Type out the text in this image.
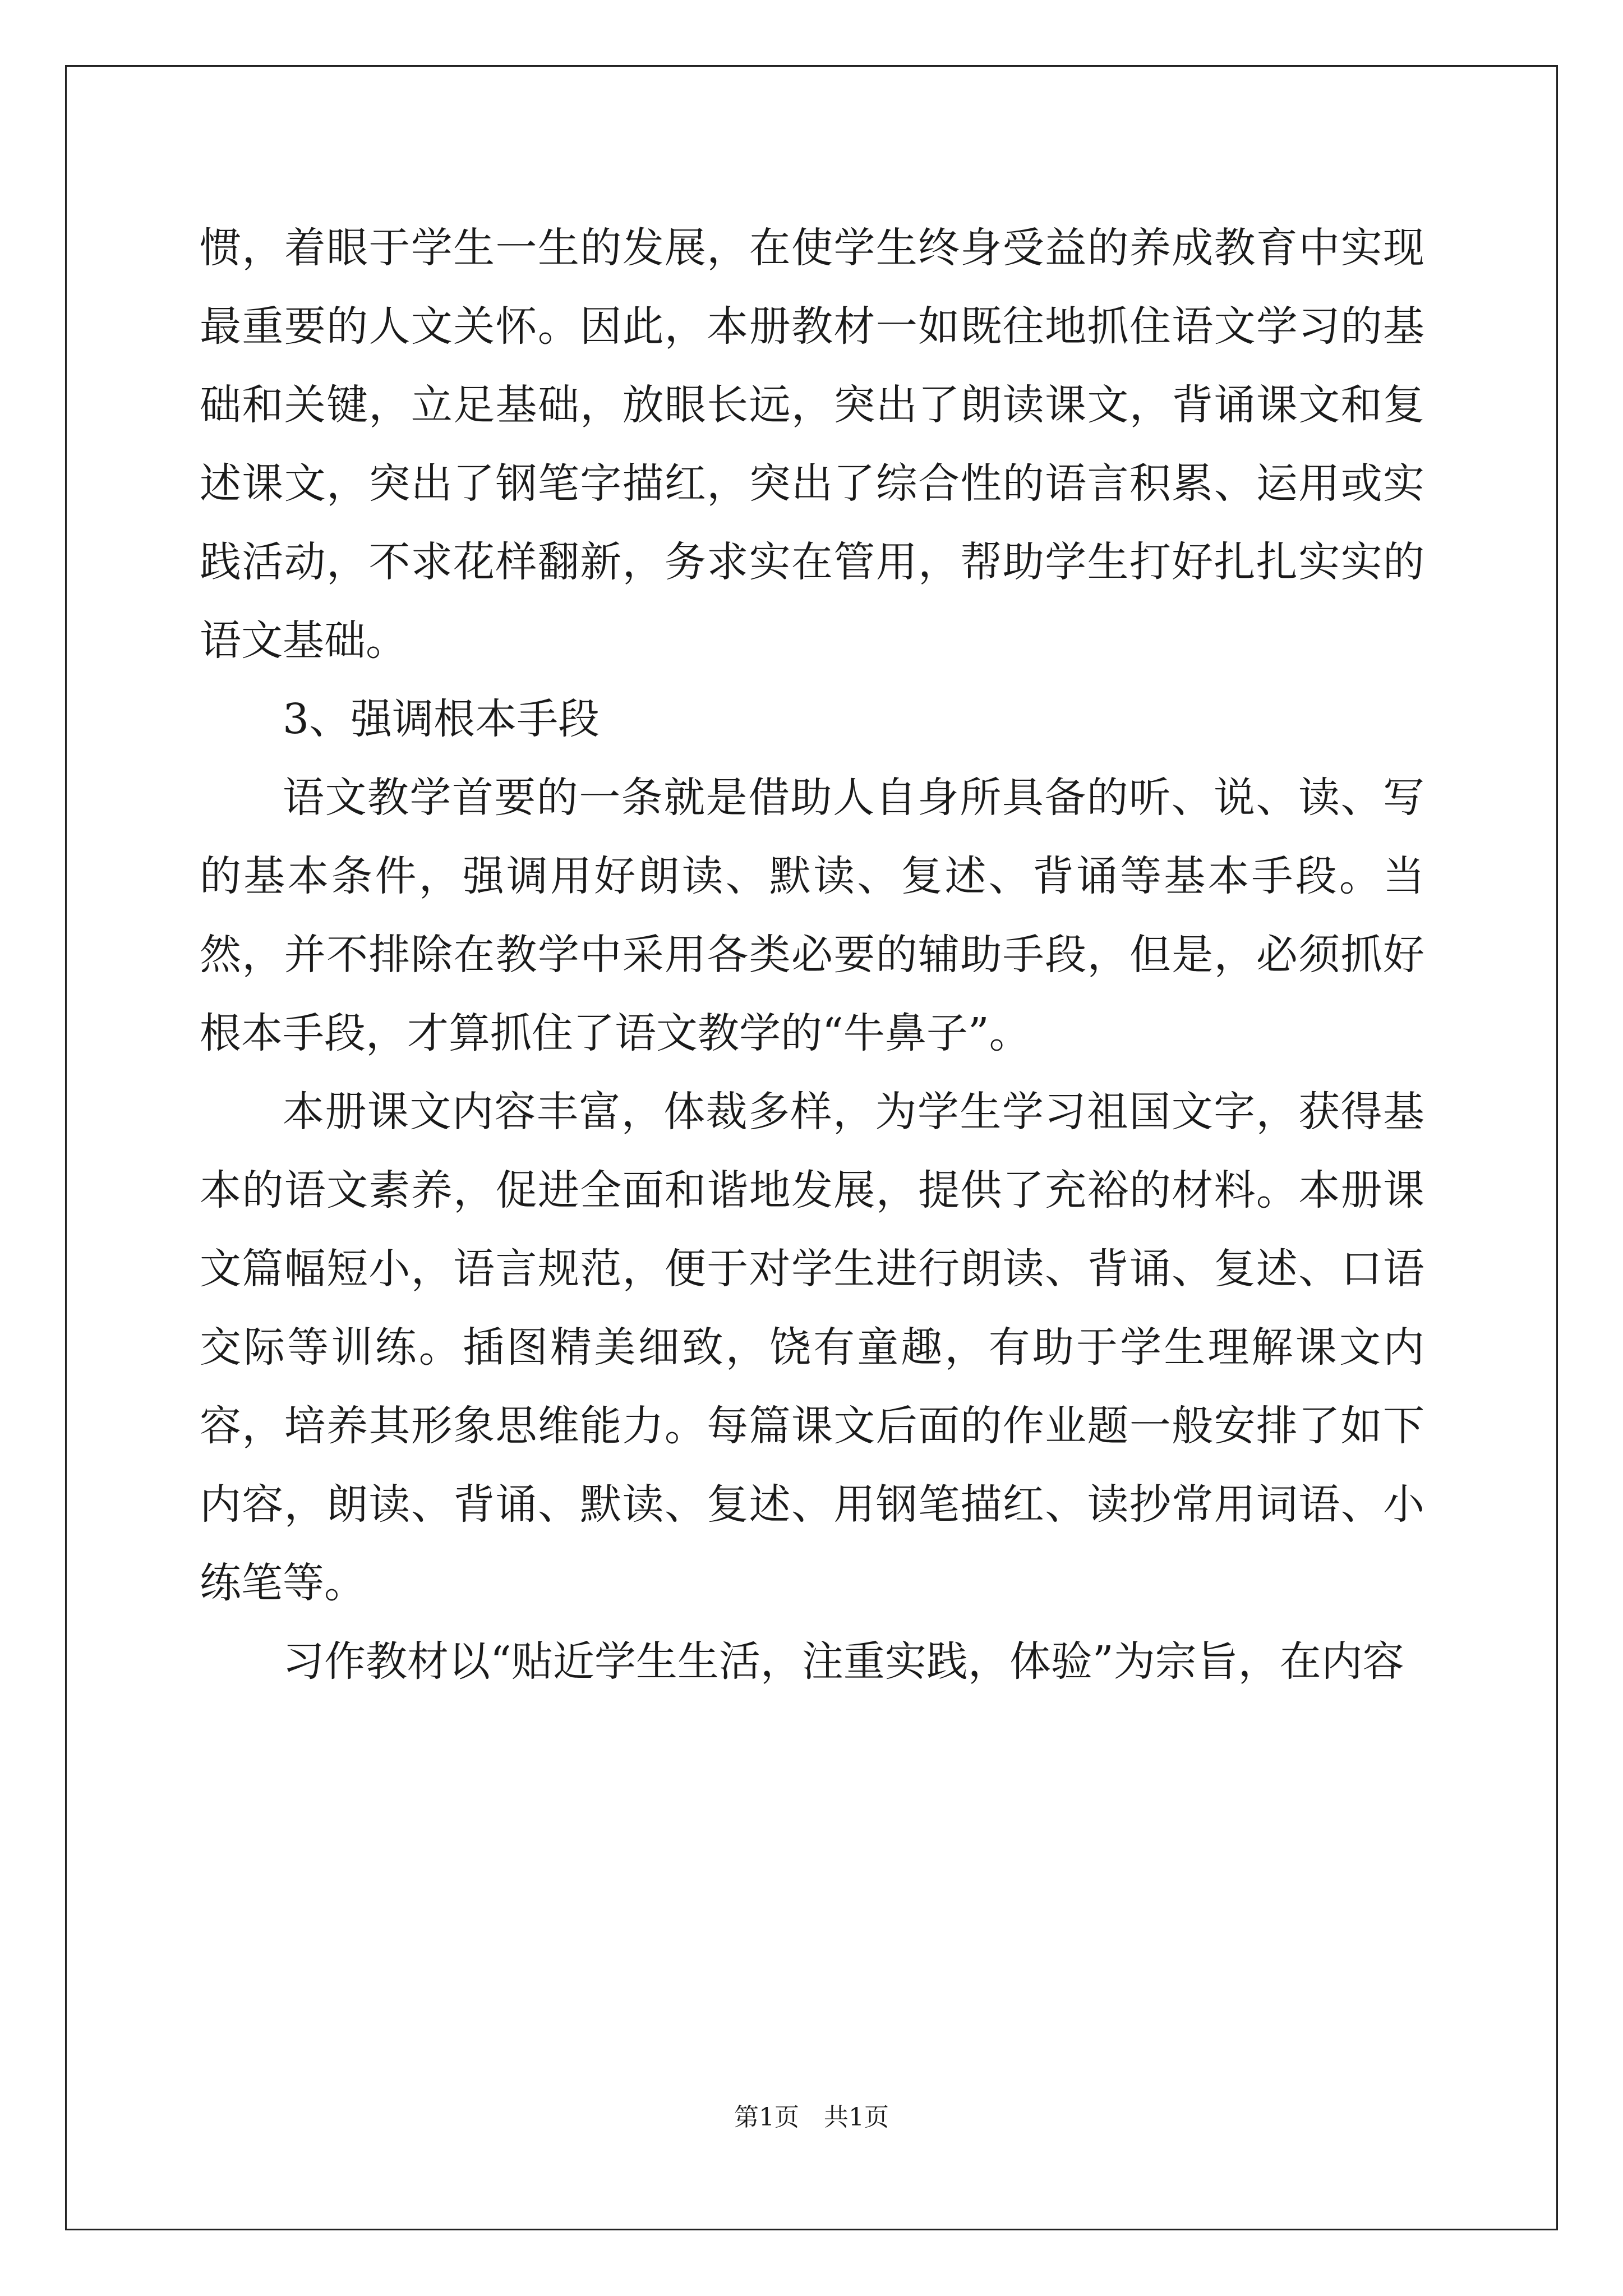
惯，着眼于学生一生的发展，在使学生终身受益的养成教育中实现最重要的人文关怀。因此，本册教材一如既往地抓住语文学习的基础和关键，立足基础，放眼长远，突出了朗读课文，背诵课文和复述课文，突出了钢笔字描红，突出了综合性的语言积累、运用或实践活动，不求花样翻新，务求实在管用，帮助学生打好扎扎实实的语文基础。

3、强调根本手段

语文教学首要的一条就是借助人自身所具备的听、说、读、写的基本条件，强调用好朗读、默读、复述、背诵等基本手段。当然，并不排除在教学中采用各类必要的辅助手段，但是，必须抓好根本手段，才算抓住了语文教学的“牛鼻子”。

本册课文内容丰富，体裁多样，为学生学习祖国文字，获得基本的语文素养，促进全面和谐地发展，提供了充裕的材料。本册课文篇幅短小，语言规范，便于对学生进行朗读、背诵、复述、口语交际等训练。插图精美细致，饶有童趣，有助于学生理解课文内容，培养其形象思维能力。每篇课文后面的作业题一般安排了如下内容，朗读、背诵、默读、复述、用钢笔描红、读抄常用词语、小练笔等。

习作教材以“贴近学生生活，注重实践，体验”为宗旨，在内容

第1页 共1页
